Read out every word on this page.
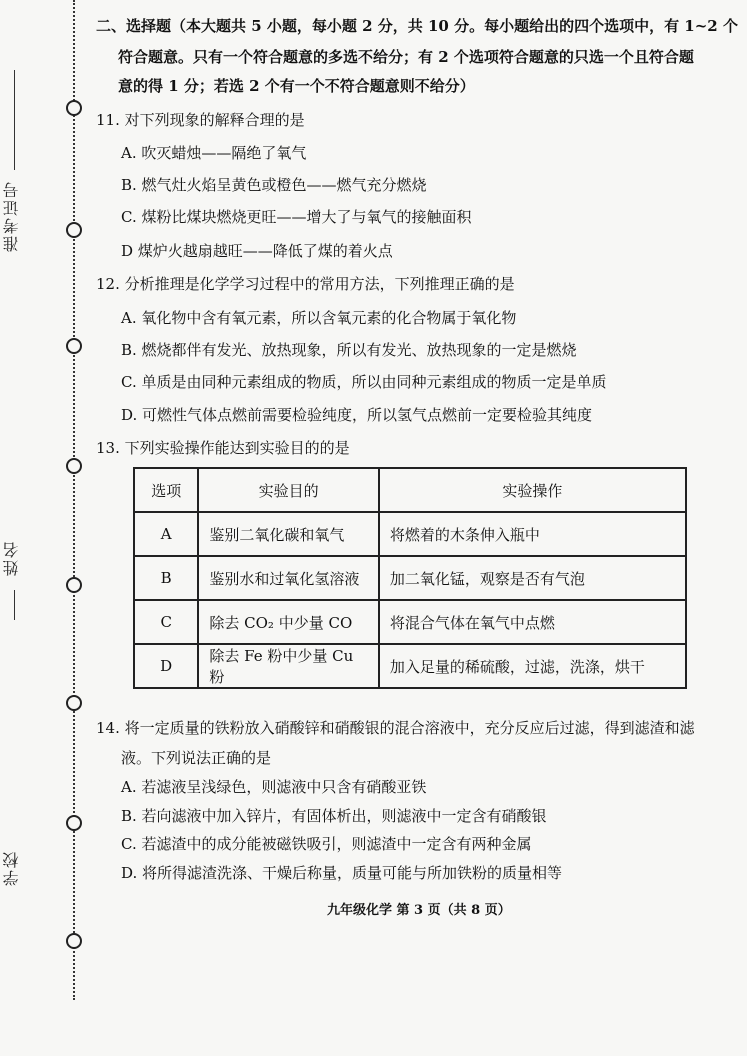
准考证号
姓名
学校
二、选择题（本大题共 5 小题，每小题 2 分，共 10 分。每小题给出的四个选项中，有 1~2 个
符合题意。只有一个符合题意的多选不给分；有 2 个选项符合题意的只选一个且符合题
意的得 1 分；若选 2 个有一个不符合题意则不给分）
11. 对下列现象的解释合理的是
A. 吹灭蜡烛——隔绝了氧气
B. 燃气灶火焰呈黄色或橙色——燃气充分燃烧
C. 煤粉比煤块燃烧更旺——增大了与氧气的接触面积
D 煤炉火越扇越旺——降低了煤的着火点
12. 分析推理是化学学习过程中的常用方法，下列推理正确的是
A. 氧化物中含有氧元素，所以含氧元素的化合物属于氧化物
B. 燃烧都伴有发光、放热现象，所以有发光、放热现象的一定是燃烧
C. 单质是由同种元素组成的物质，所以由同种元素组成的物质一定是单质
D. 可燃性气体点燃前需要检验纯度，所以氢气点燃前一定要检验其纯度
13. 下列实验操作能达到实验目的的是
选项	实验目的	实验操作
A	鉴别二氧化碳和氧气	将燃着的木条伸入瓶中
B	鉴别水和过氧化氢溶液	加二氧化锰，观察是否有气泡
C	除去 CO₂ 中少量 CO	将混合气体在氧气中点燃
D	除去 Fe 粉中少量 Cu 粉	加入足量的稀硫酸，过滤，洗涤，烘干
14. 将一定质量的铁粉放入硝酸锌和硝酸银的混合溶液中，充分反应后过滤，得到滤渣和滤
液。下列说法正确的是
A. 若滤液呈浅绿色，则滤液中只含有硝酸亚铁
B. 若向滤液中加入锌片，有固体析出，则滤液中一定含有硝酸银
C. 若滤渣中的成分能被磁铁吸引，则滤渣中一定含有两种金属
D. 将所得滤渣洗涤、干燥后称量，质量可能与所加铁粉的质量相等
九年级化学 第 3 页（共 8 页）
